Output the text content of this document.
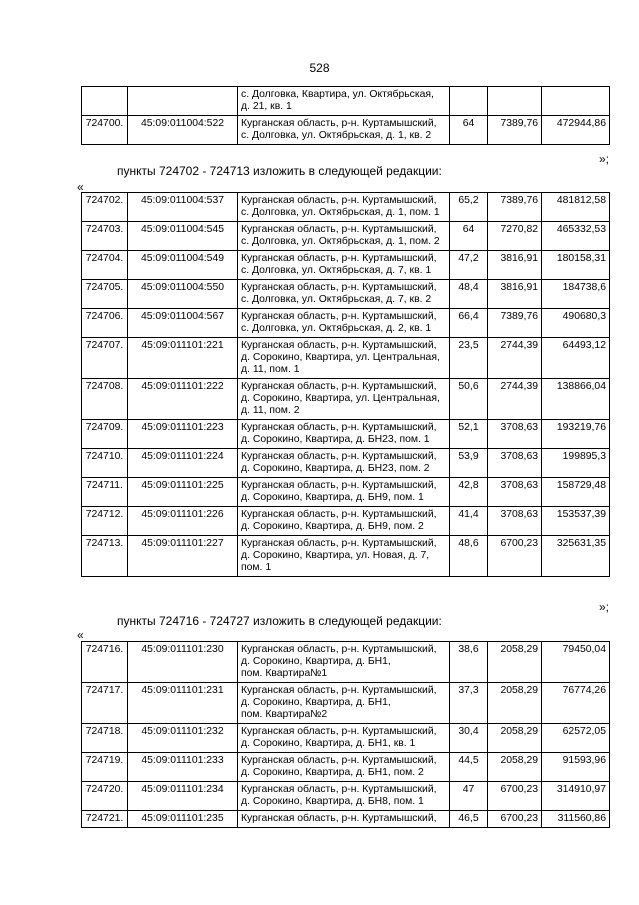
528

		с. Долговка, Квартира, ул. Октябрьская,
д. 21, кв. 1			

724700.	45:09:011004:522	Курганская область, р-н. Куртамышский,
с. Долговка, ул. Октябрьская, д. 1, кв. 2	64	7389,76	472944,86
»;
пункты 724702 - 724713 изложить в следующей редакции:
«
724702.	45:09:011004:537	Курганская область, р-н. Куртамышский,
с. Долговка, ул. Октябрьская, д. 1, пом. 1	65,2	7389,76	481812,58
724703.	45:09:011004:545	Курганская область, р-н. Куртамышский,
с. Долговка, ул. Октябрьская, д. 1, пом. 2	64	7270,82	465332,53
724704.	45:09:011004:549	Курганская область, р-н. Куртамышский,
с. Долговка, ул. Октябрьская, д. 7, кв. 1	47,2	3816,91	180158,31
724705.	45:09:011004:550	Курганская область, р-н. Куртамышский,
с. Долговка, ул. Октябрьская, д. 7, кв. 2	48,4	3816,91	184738,6
724706.	45:09:011004:567	Курганская область, р-н. Куртамышский,
с. Долговка, ул. Октябрьская, д. 2, кв. 1	66,4	7389,76	490680,3
724707.	45:09:011101:221	Курганская область, р-н. Куртамышский,
д. Сорокино, Квартира, ул. Центральная,
д. 11, пом. 1	23,5	2744,39	64493,12
724708.	45:09:011101:222	Курганская область, р-н. Куртамышский,
д. Сорокино, Квартира, ул. Центральная,
д. 11, пом. 2	50,6	2744,39	138866,04
724709.	45:09:011101:223	Курганская область, р-н. Куртамышский,
д. Сорокино, Квартира, д. БН23, пом. 1	52,1	3708,63	193219,76
724710.	45:09:011101:224	Курганская область, р-н. Куртамышский,
д. Сорокино, Квартира, д. БН23, пом. 2	53,9	3708,63	199895,3
724711.	45:09:011101:225	Курганская область, р-н. Куртамышский,
д. Сорокино, Квартира, д. БН9, пом. 1	42,8	3708,63	158729,48
724712.	45:09:011101:226	Курганская область, р-н. Куртамышский,
д. Сорокино, Квартира, д. БН9, пом. 2	41,4	3708,63	153537,39
724713.	45:09:011101:227	Курганская область, р-н. Куртамышский,
д. Сорокино, Квартира, ул. Новая, д. 7,
пом. 1	48,6	6700,23	325631,35
»;
пункты 724716 - 724727 изложить в следующей редакции:
«
724716.	45:09:011101:230	Курганская область, р-н. Куртамышский,
д. Сорокино, Квартира, д. БН1,
пом. Квартира№1	38,6	2058,29	79450,04
724717.	45:09:011101:231	Курганская область, р-н. Куртамышский,
д. Сорокино, Квартира, д. БН1,
пом. Квартира№2	37,3	2058,29	76774,26
724718.	45:09:011101:232	Курганская область, р-н. Куртамышский,
д. Сорокино, Квартира, д. БН1, кв. 1	30,4	2058,29	62572,05
724719.	45:09:011101:233	Курганская область, р-н. Куртамышский,
д. Сорокино, Квартира, д. БН1, пом. 2	44,5	2058,29	91593,96
724720.	45:09:011101:234	Курганская область, р-н. Куртамышский,
д. Сорокино, Квартира, д. БН8, пом. 1	47	6700,23	314910,97
724721.	45:09:011101:235	Курганская область, р-н. Куртамышский,	46,5	6700,23	311560,86
